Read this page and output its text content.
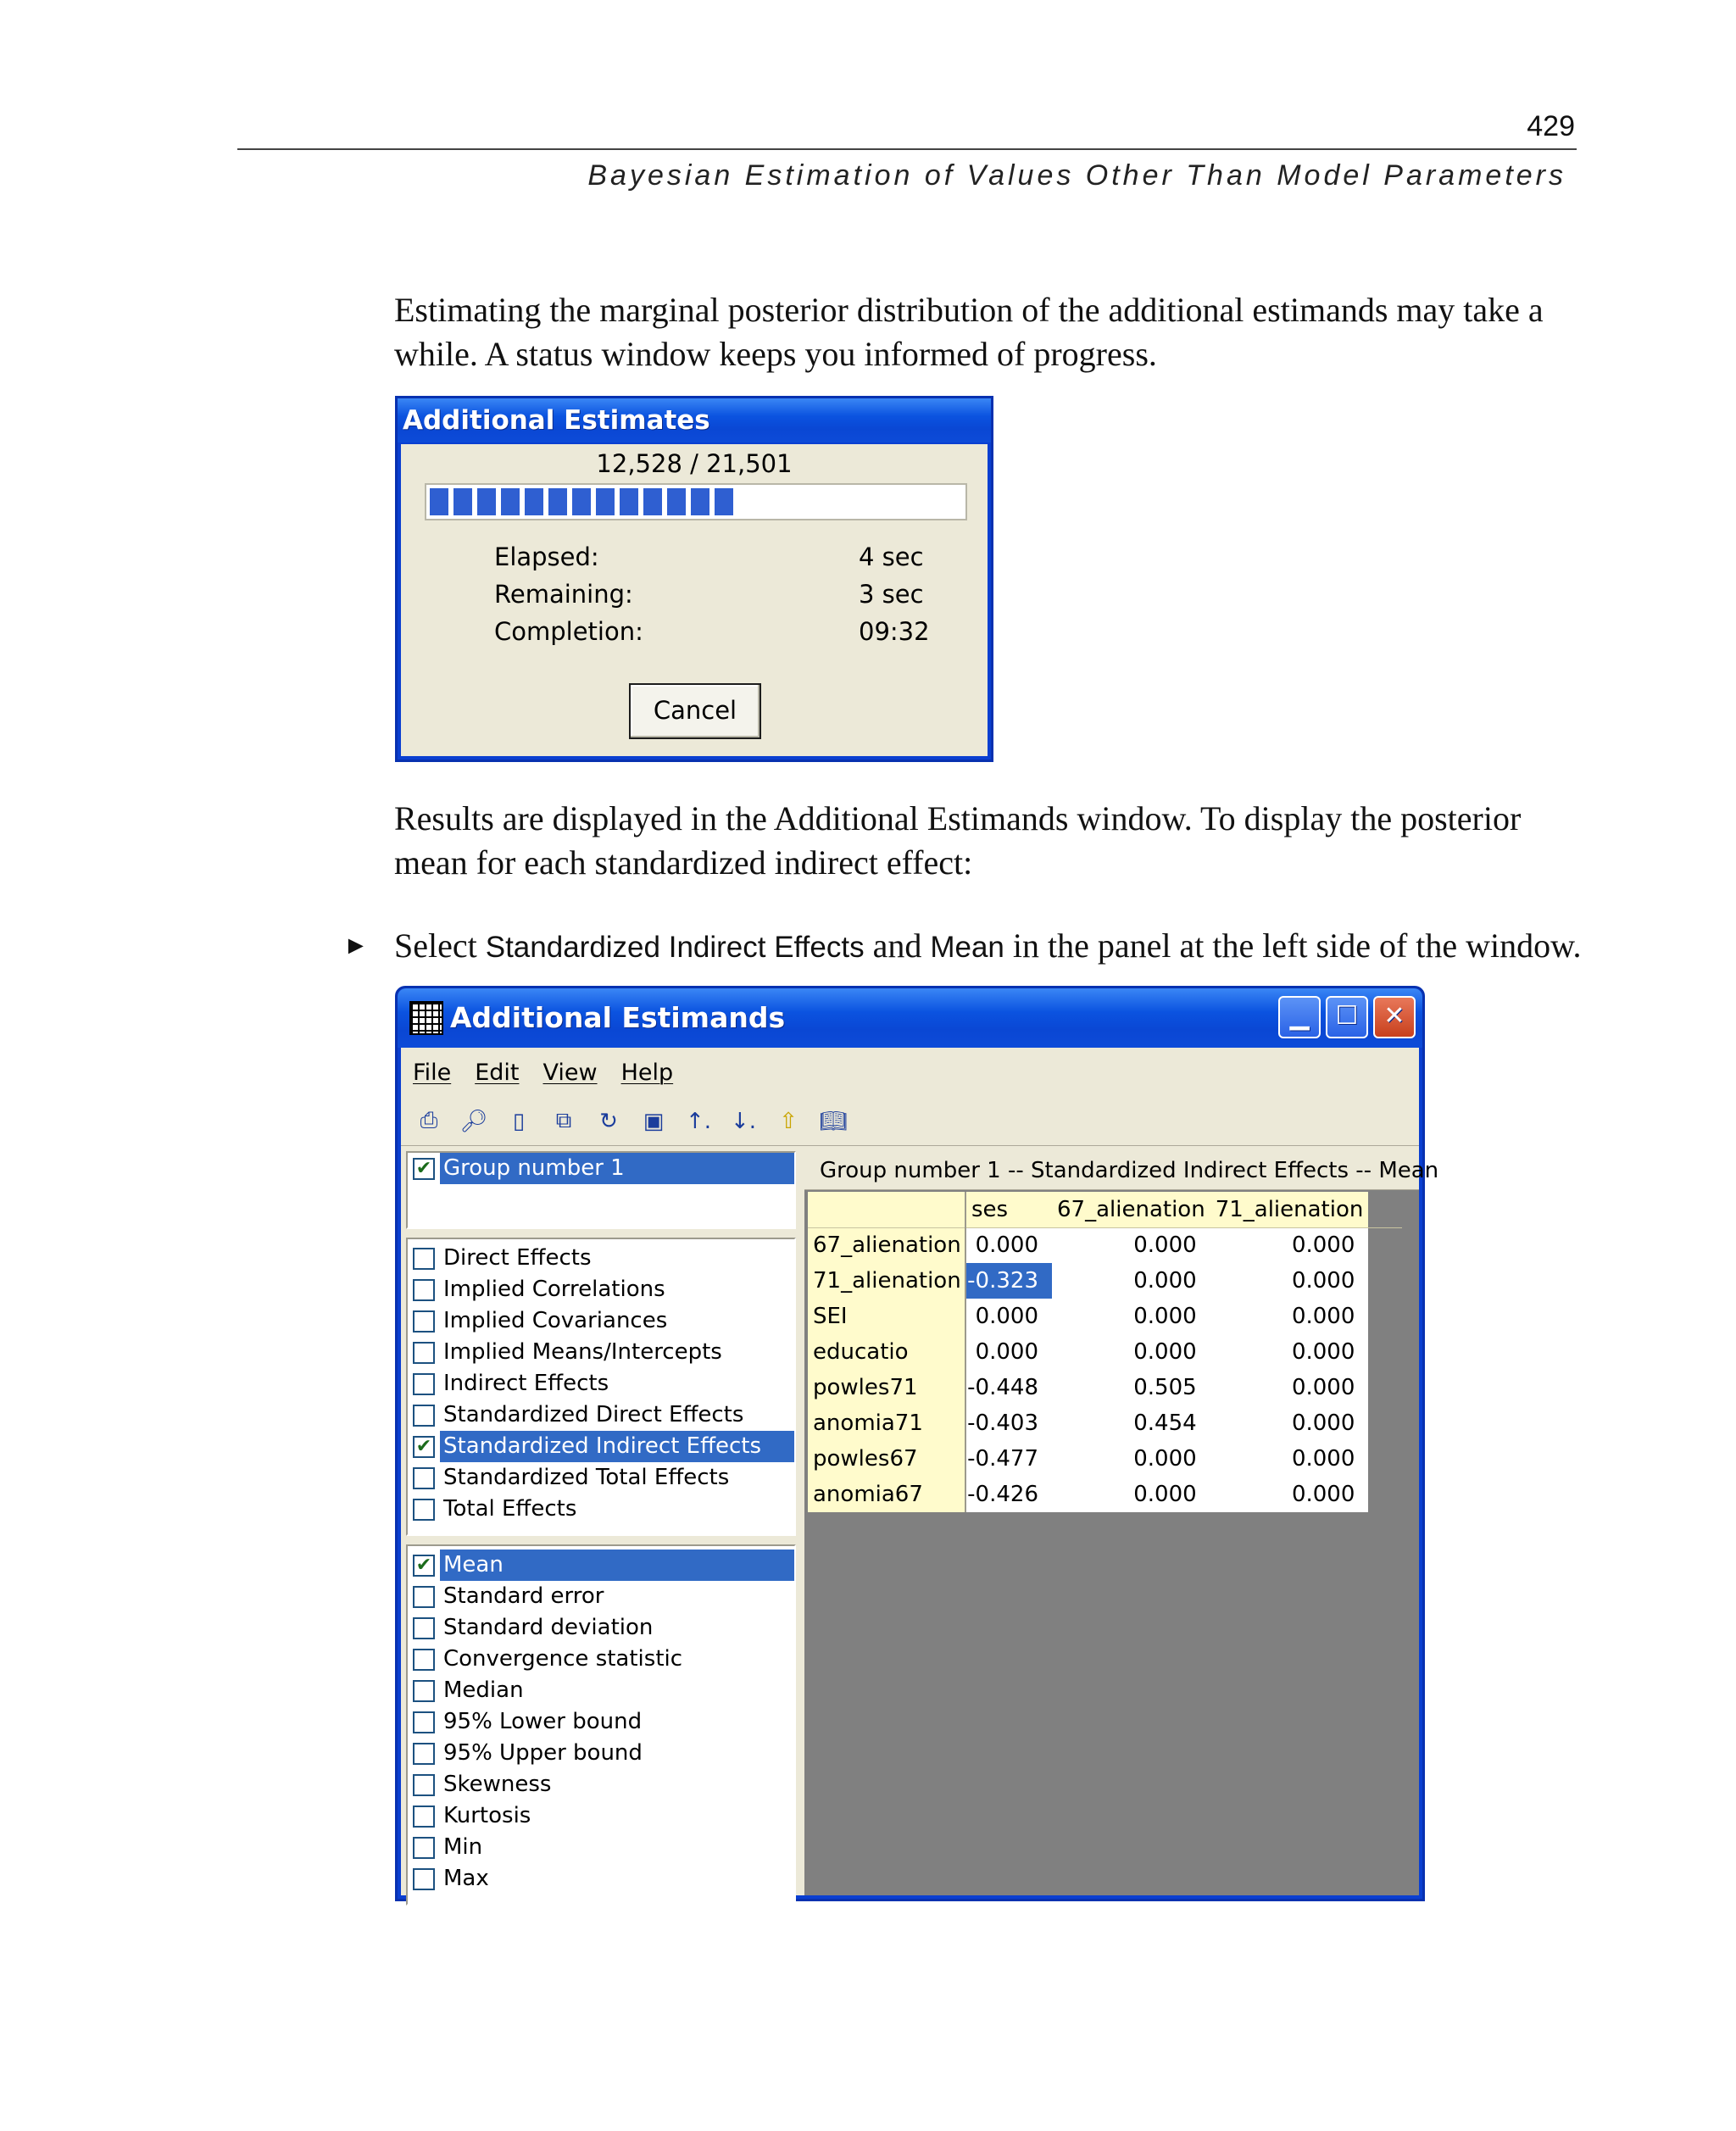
429
Bayesian Estimation of Values Other Than Model Parameters

Estimating the marginal posterior distribution of the additional estimands may take a while. A status window keeps you informed of progress.

Additional Estimates
12,528 / 21,501
Elapsed:	4 sec
Remaining:	3 sec
Completion:	09:32
Cancel

Results are displayed in the Additional Estimands window. To display the posterior mean for each standardized indirect effect:

► Select Standardized Indirect Effects and Mean in the panel at the left side of the window.
Additional Estimands	▁	☐ ✕
File Edit View Help
⎙	🔎︎	▯	⧉	↻	▣ ↑. ↓.	⇧ 📖︎
✔ Group number 1
Direct Effects
Implied Correlations
Implied Covariances
Implied Means/Intercepts
Indirect Effects
Standardized Direct Effects
✔ Standardized Indirect Effects
Standardized Total Effects
Total Effects
✔ Mean
Standard error
Standard deviation
Convergence statistic
Median
95% Lower bound
95% Upper bound
Skewness
Kurtosis
Min
Max
Group number 1 -- Standardized Indirect Effects -- Mean
	ses	67_alienation	71_alienation	
67_alienation	0.000	0.000	0.000	
71_alienation	-0.323	0.000	0.000	
SEI	0.000	0.000	0.000	
educatio	0.000	0.000	0.000	
powles71	-0.448	0.505	0.000	
anomia71	-0.403	0.454	0.000	
powles67	-0.477	0.000	0.000	
anomia67	-0.426	0.000	0.000	
